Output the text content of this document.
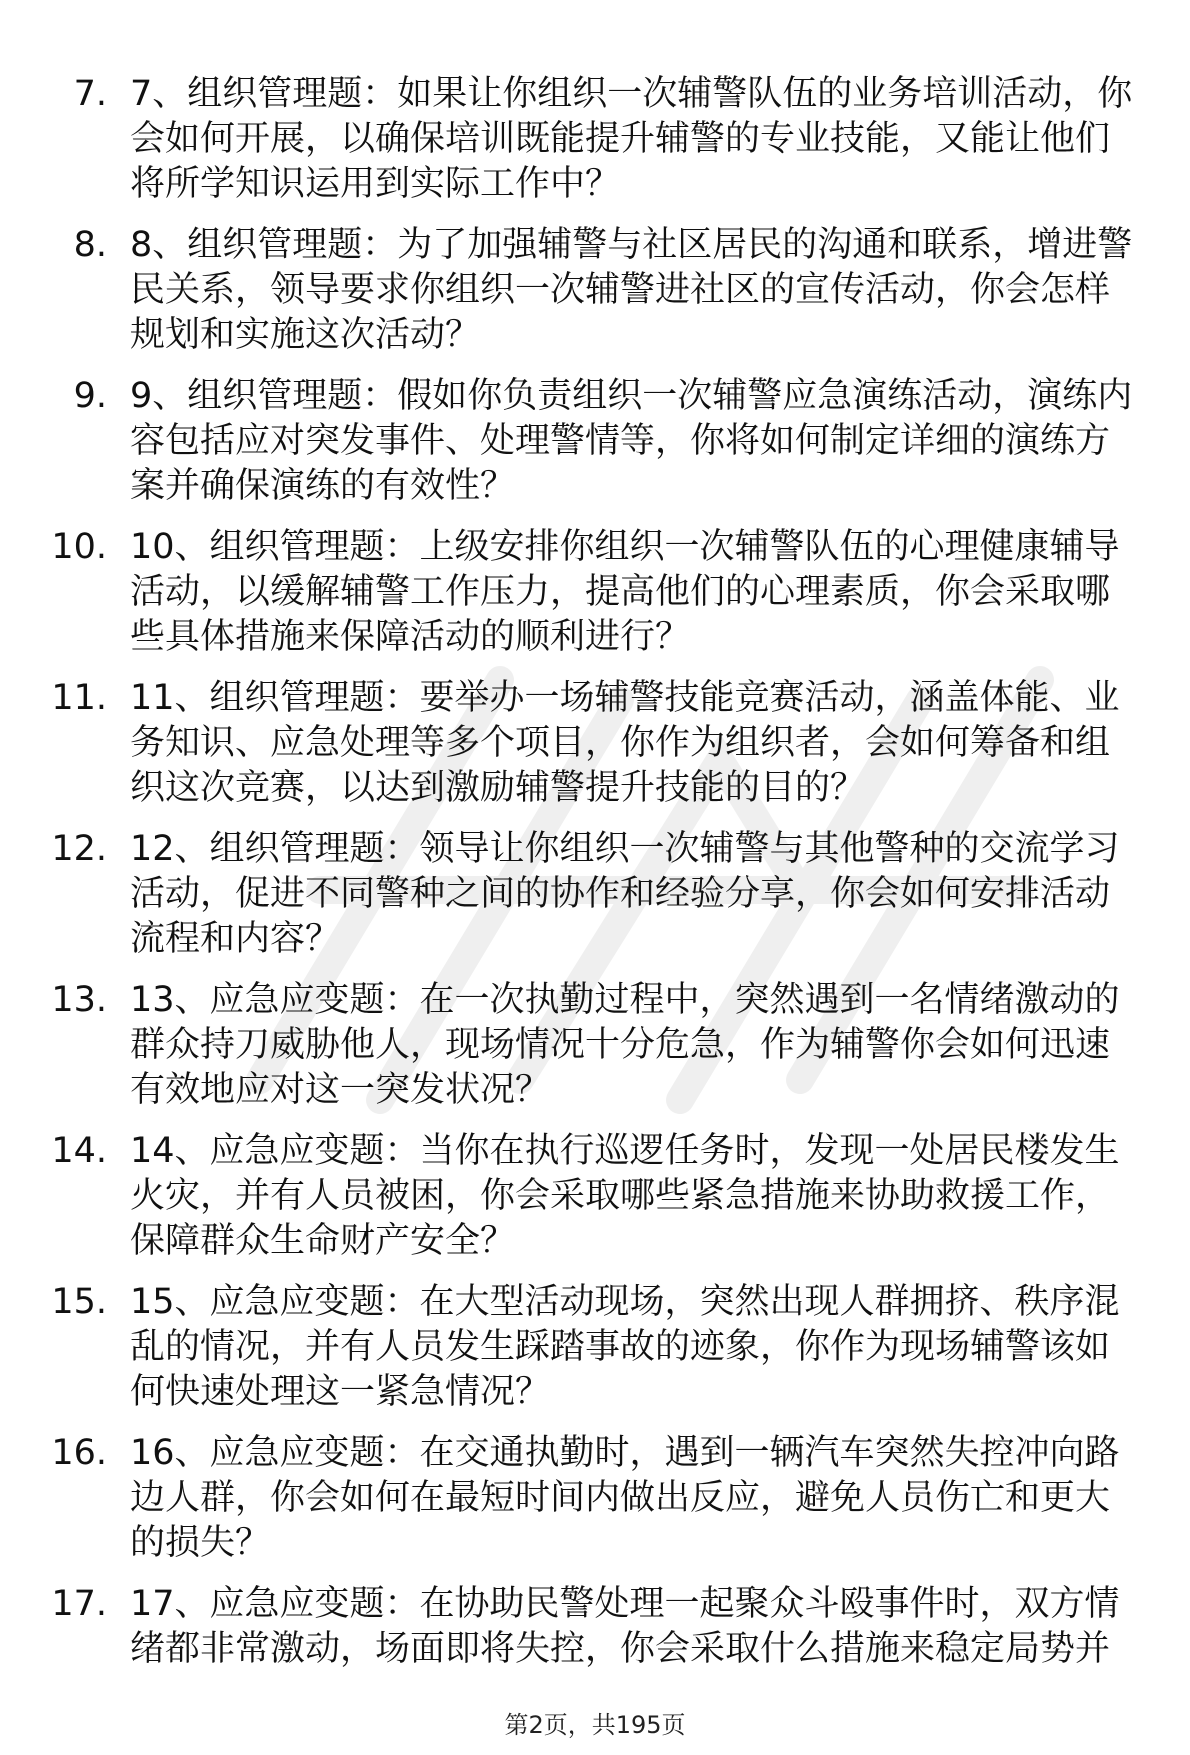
7. 7、组织管理题：如果让你组织一次辅警队伍的业务培训活动，你
会如何开展，以确保培训既能提升辅警的专业技能，又能让他们
将所学知识运用到实际工作中？
8. 8、组织管理题：为了加强辅警与社区居民的沟通和联系，增进警
民关系，领导要求你组织一次辅警进社区的宣传活动，你会怎样
规划和实施这次活动？
9. 9、组织管理题：假如你负责组织一次辅警应急演练活动，演练内
容包括应对突发事件、处理警情等，你将如何制定详细的演练方
案并确保演练的有效性？
10. 10、组织管理题：上级安排你组织一次辅警队伍的心理健康辅导
活动，以缓解辅警工作压力，提高他们的心理素质，你会采取哪
些具体措施来保障活动的顺利进行？
11. 11、组织管理题：要举办一场辅警技能竞赛活动，涵盖体能、业
务知识、应急处理等多个项目，你作为组织者，会如何筹备和组
织这次竞赛，以达到激励辅警提升技能的目的？
12. 12、组织管理题：领导让你组织一次辅警与其他警种的交流学习
活动，促进不同警种之间的协作和经验分享，你会如何安排活动
流程和内容？
13. 13、应急应变题：在一次执勤过程中，突然遇到一名情绪激动的
群众持刀威胁他人，现场情况十分危急，作为辅警你会如何迅速
有效地应对这一突发状况？
14. 14、应急应变题：当你在执行巡逻任务时，发现一处居民楼发生
火灾，并有人员被困，你会采取哪些紧急措施来协助救援工作，
保障群众生命财产安全？
15. 15、应急应变题：在大型活动现场，突然出现人群拥挤、秩序混
乱的情况，并有人员发生踩踏事故的迹象，你作为现场辅警该如
何快速处理这一紧急情况？
16. 16、应急应变题：在交通执勤时，遇到一辆汽车突然失控冲向路
边人群，你会如何在最短时间内做出反应，避免人员伤亡和更大
的损失？
17. 17、应急应变题：在协助民警处理一起聚众斗殴事件时，双方情
绪都非常激动，场面即将失控，你会采取什么措施来稳定局势并
第2页，共195页
